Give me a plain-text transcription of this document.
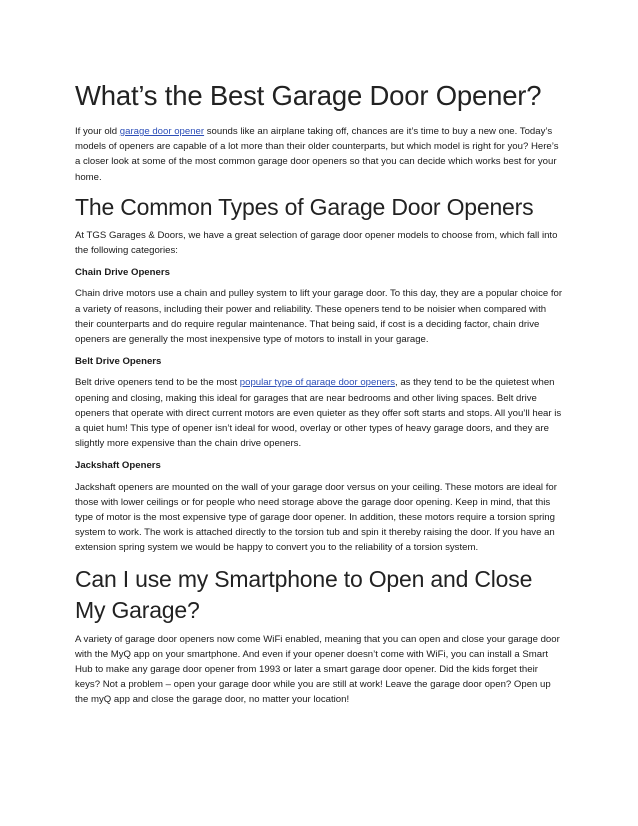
What’s the Best Garage Door Opener?

If your old garage door opener sounds like an airplane taking off, chances are it’s time to buy a new one. Today’s models of openers are capable of a lot more than their older counterparts, but which model is right for you? Here’s a closer look at some of the most common garage door openers so that you can decide which works best for your home.

The Common Types of Garage Door Openers

At TGS Garages & Doors, we have a great selection of garage door opener models to choose from, which fall into the following categories:

Chain Drive Openers

Chain drive motors use a chain and pulley system to lift your garage door. To this day, they are a popular choice for a variety of reasons, including their power and reliability. These openers tend to be noisier when compared with their counterparts and do require regular maintenance. That being said, if cost is a deciding factor, chain drive openers are generally the most inexpensive type of motors to install in your garage.

Belt Drive Openers

Belt drive openers tend to be the most popular type of garage door openers, as they tend to be the quietest when opening and closing, making this ideal for garages that are near bedrooms and other living spaces. Belt drive openers that operate with direct current motors are even quieter as they offer soft starts and stops. All you’ll hear is a quiet hum! This type of opener isn’t ideal for wood, overlay or other types of heavy garage doors, and they are slightly more expensive than the chain drive openers.

Jackshaft Openers

Jackshaft openers are mounted on the wall of your garage door versus on your ceiling. These motors are ideal for those with lower ceilings or for people who need storage above the garage door opening. Keep in mind, that this type of motor is the most expensive type of garage door opener. In addition, these motors require a torsion spring system to work. The work is attached directly to the torsion tub and spin it thereby raising the door. If you have an extension spring system we would be happy to convert you to the reliability of a torsion system.

Can I use my Smartphone to Open and Close My Garage?

A variety of garage door openers now come WiFi enabled, meaning that you can open and close your garage door with the MyQ app on your smartphone. And even if your opener doesn’t come with WiFi, you can install a Smart Hub to make any garage door opener from 1993 or later a smart garage door opener. Did the kids forget their keys? Not a problem – open your garage door while you are still at work! Leave the garage door open? Open up the myQ app and close the garage door, no matter your location!
